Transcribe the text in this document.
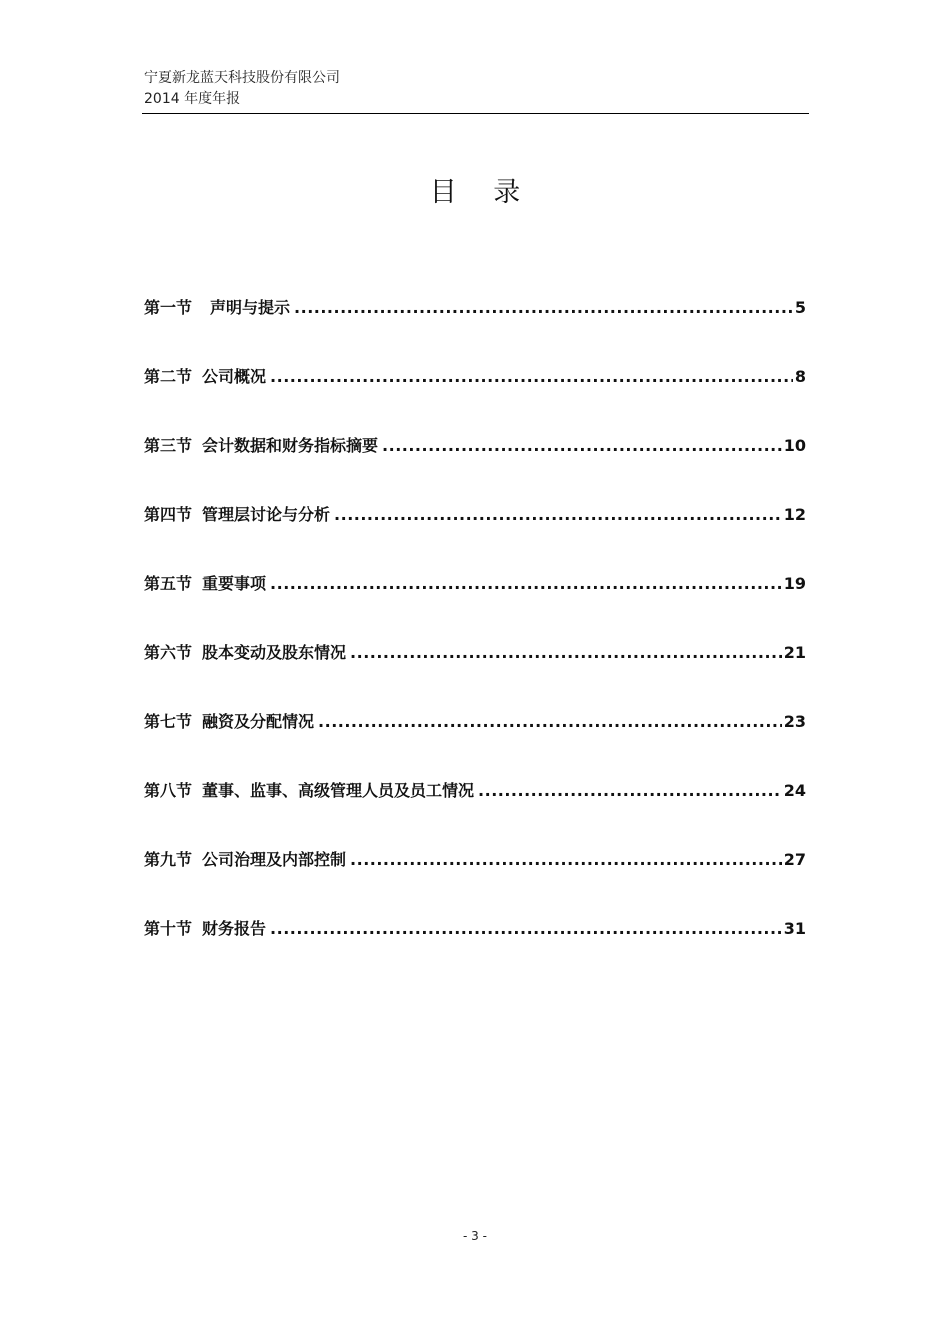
宁夏新龙蓝天科技股份有限公司
2014 年度年报
目 录
第一节 声明与提示 .....	5
第二节 公司概况 .....	8
第三节 会计数据和财务指标摘要 .....	10
第四节 管理层讨论与分析 .....	12
第五节 重要事项 .....	19
第六节 股本变动及股东情况 .....	21
第七节 融资及分配情况 .....	23
第八节 董事、监事、高级管理人员及员工情况 .....	24
第九节 公司治理及内部控制 .....	27
第十节 财务报告 .....	31
- 3 -
